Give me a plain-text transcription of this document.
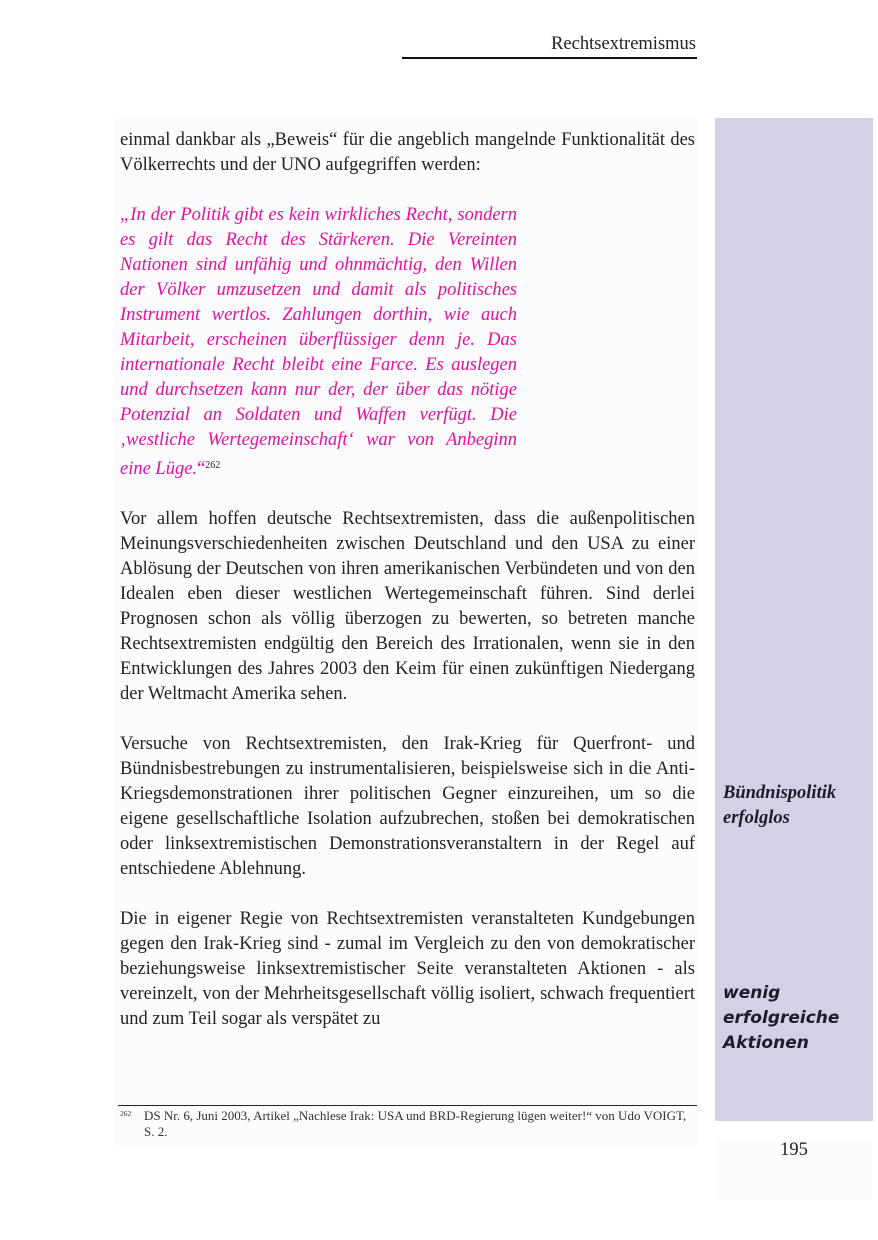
Rechtsextremismus

einmal dankbar als „Beweis“ für die angeblich mangelnde Funktionalität des Völkerrechts und der UNO aufgegriffen werden:

„In der Politik gibt es kein wirkliches Recht, sondern es gilt das Recht des Stärkeren. Die Vereinten Nationen sind unfähig und ohnmächtig, den Willen der Völker umzusetzen und damit als politisches Instrument wertlos. Zahlungen dorthin, wie auch Mitarbeit, erscheinen überflüssiger denn je. Das internationale Recht bleibt eine Farce. Es auslegen und durchsetzen kann nur der, der über das nötige Potenzial an Soldaten und Waffen verfügt. Die ‚westliche Wertegemeinschaft‘ war von Anbeginn eine Lüge.“$^{262}$

Vor allem hoffen deutsche Rechtsextremisten, dass die außenpolitischen Meinungsverschiedenheiten zwischen Deutschland und den USA zu einer Ablösung der Deutschen von ihren amerikanischen Verbündeten und von den Idealen eben dieser westlichen Wertegemeinschaft führen. Sind derlei Prognosen schon als völlig überzogen zu bewerten, so betreten manche Rechtsextremisten endgültig den Bereich des Irrationalen, wenn sie in den Entwicklungen des Jahres 2003 den Keim für einen zukünftigen Niedergang der Weltmacht Amerika sehen.

Versuche von Rechtsextremisten, den Irak-Krieg für Querfront- und Bündnisbestrebungen zu instrumentalisieren, beispielsweise sich in die Anti-Kriegsdemonstrationen ihrer politischen Gegner einzureihen, um so die eigene gesellschaftliche Isolation aufzubrechen, stoßen bei demokratischen oder linksextremistischen Demonstrationsveranstaltern in der Regel auf entschiedene Ablehnung.

Die in eigener Regie von Rechtsextremisten veranstalteten Kundgebungen gegen den Irak-Krieg sind - zumal im Vergleich zu den von demokratischer beziehungsweise linksextremistischer Seite veranstalteten Aktionen - als vereinzelt, von der Mehrheitsgesellschaft völlig isoliert, schwach frequentiert und zum Teil sogar als verspätet zu

Bündnispolitik erfolglos
wenig erfolgreiche Aktionen
262 DS Nr. 6, Juni 2003, Artikel „Nachlese Irak: USA und BRD-Regierung lügen weiter!“ von Udo VOIGT, S. 2.
195
